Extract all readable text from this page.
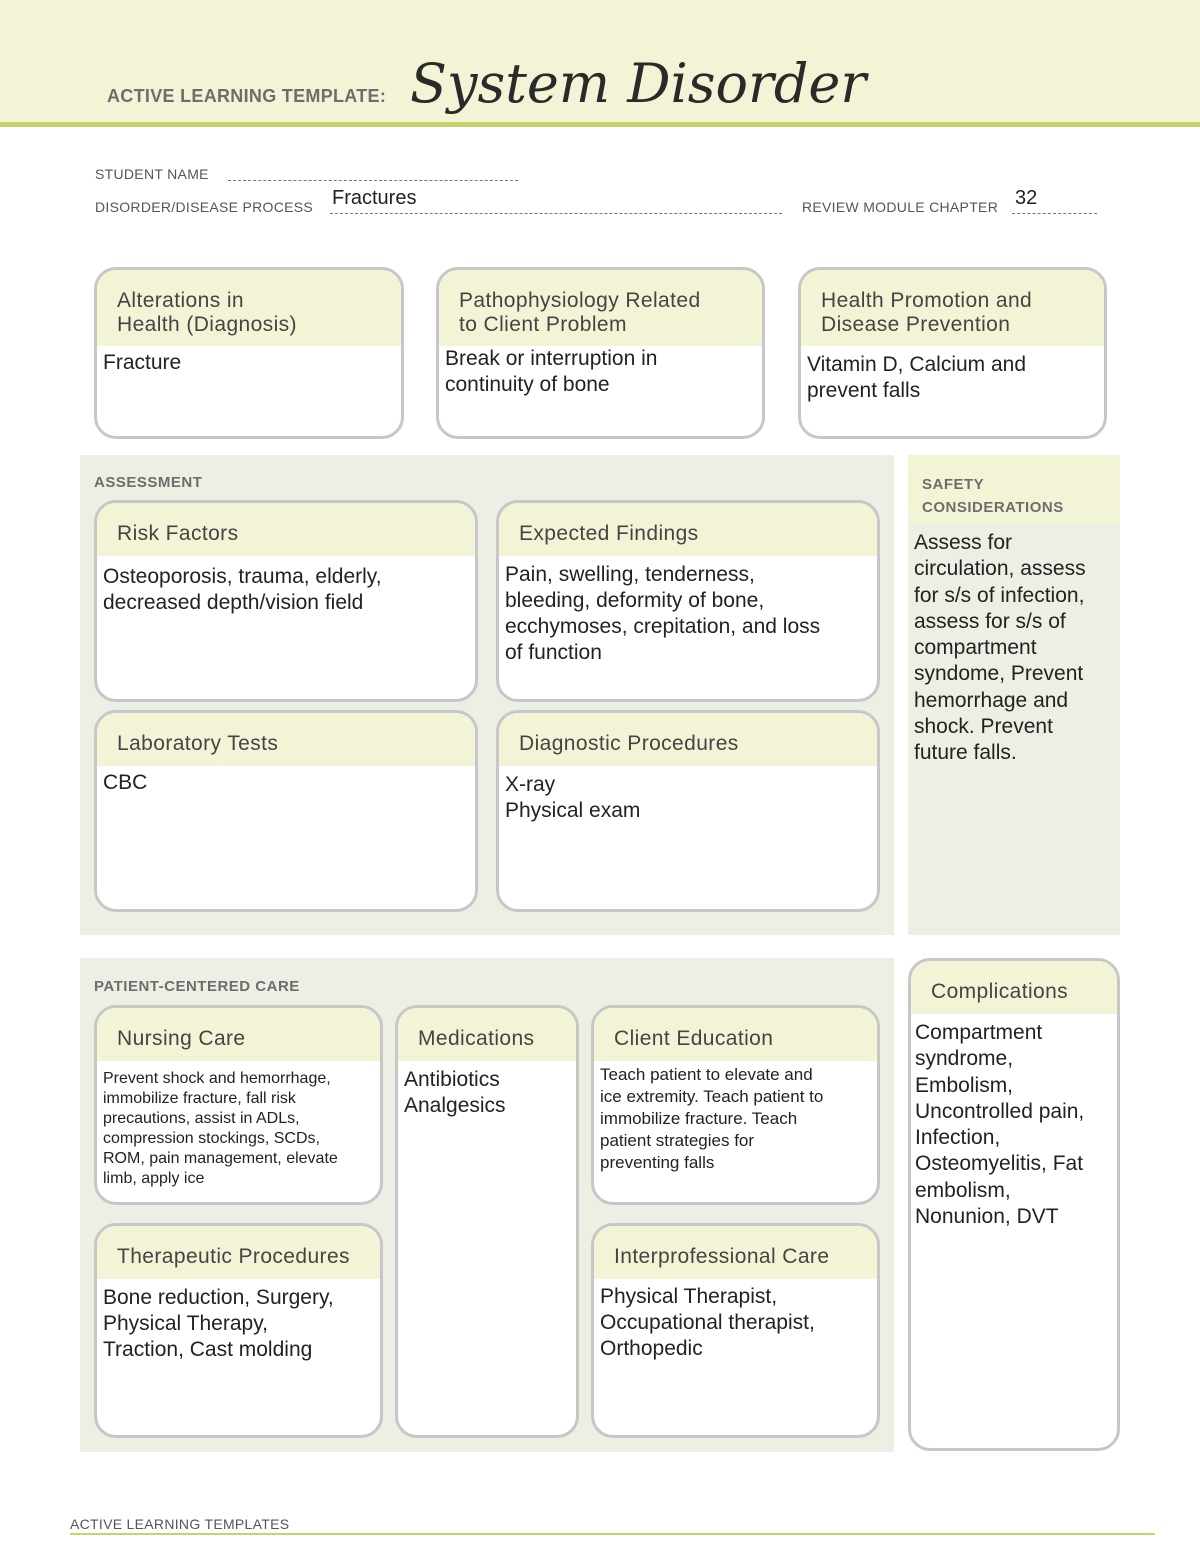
ACTIVE LEARNING TEMPLATE: System Disorder
STUDENT NAME
DISORDER/DISEASE PROCESS Fractures	REVIEW MODULE CHAPTER 32
Alterations in
Health (Diagnosis)
Fracture
Pathophysiology Related
to Client Problem
Break or interruption in
continuity of bone
Health Promotion and
Disease Prevention
Vitamin D, Calcium and
prevent falls
ASSESSMENT
Risk Factors
Osteoporosis, trauma, elderly,
decreased depth/vision field
Expected Findings
Pain, swelling, tenderness,
bleeding, deformity of bone,
ecchymoses, crepitation, and loss
of function
Laboratory Tests
CBC
Diagnostic Procedures
X-ray
Physical exam
SAFETY
CONSIDERATIONS
Assess for
circulation, assess
for s/s of infection,
assess for s/s of
compartment
syndome, Prevent
hemorrhage and
shock. Prevent
future falls.
PATIENT-CENTERED CARE
Nursing Care
Prevent shock and hemorrhage,
immobilize fracture, fall risk
precautions, assist in ADLs,
compression stockings, SCDs,
ROM, pain management, elevate
limb, apply ice
Medications
Antibiotics
Analgesics
Client Education
Teach patient to elevate and
ice extremity. Teach patient to
immobilize fracture. Teach
patient strategies for
preventing falls
Therapeutic Procedures
Bone reduction, Surgery,
Physical Therapy,
Traction, Cast molding
Interprofessional Care
Physical Therapist,
Occupational therapist,
Orthopedic
Complications
Compartment
syndrome,
Embolism,
Uncontrolled pain,
Infection,
Osteomyelitis, Fat
embolism,
Nonunion, DVT
ACTIVE LEARNING TEMPLATES
